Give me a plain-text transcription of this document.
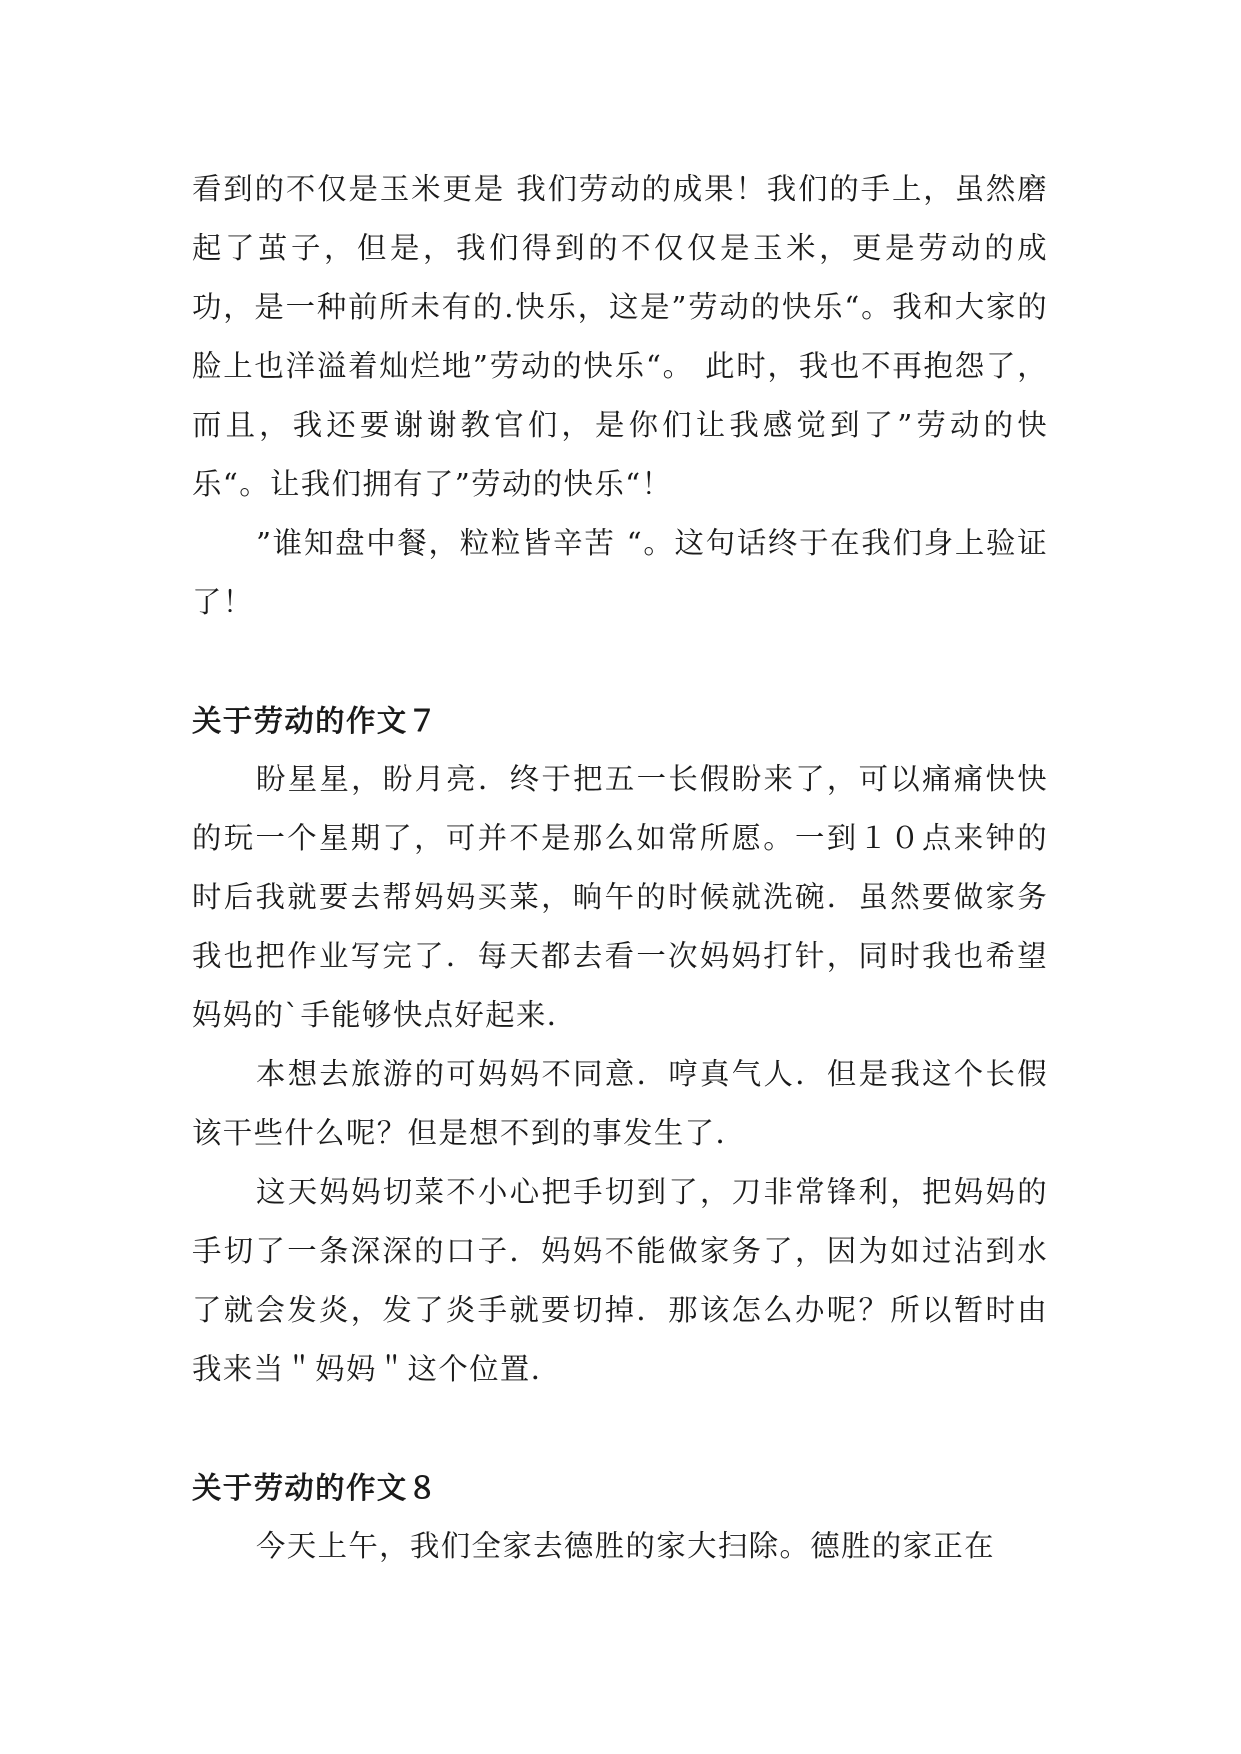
看到的不仅是玉米更是 我们劳动的成果！我们的手上，虽然磨起了茧子，但是，我们得到的不仅仅是玉米，更是劳动的成功，是一种前所未有的.快乐，这是”劳动的快乐“。我和大家的脸上也洋溢着灿烂地”劳动的快乐“。 此时，我也不再抱怨了，而且，我还要谢谢教官们，是你们让我感觉到了”劳动的快乐“。让我们拥有了”劳动的快乐“！

”谁知盘中餐，粒粒皆辛苦 “。这句话终于在我们身上验证了！

关于劳动的作文７

盼星星，盼月亮．终于把五一长假盼来了，可以痛痛快快的玩一个星期了，可并不是那么如常所愿。一到１０点来钟的时后我就要去帮妈妈买菜，晌午的时候就洗碗．虽然要做家务我也把作业写完了．每天都去看一次妈妈打针，同时我也希望妈妈的`手能够快点好起来．

本想去旅游的可妈妈不同意．哼真气人．但是我这个长假该干些什么呢？但是想不到的事发生了．

这天妈妈切菜不小心把手切到了，刀非常锋利，把妈妈的手切了一条深深的口子．妈妈不能做家务了，因为如过沾到水了就会发炎，发了炎手就要切掉．那该怎么办呢？所以暂时由我来当＂妈妈＂这个位置．

关于劳动的作文８

今天上午，我们全家去德胜的家大扫除。德胜的家正在
